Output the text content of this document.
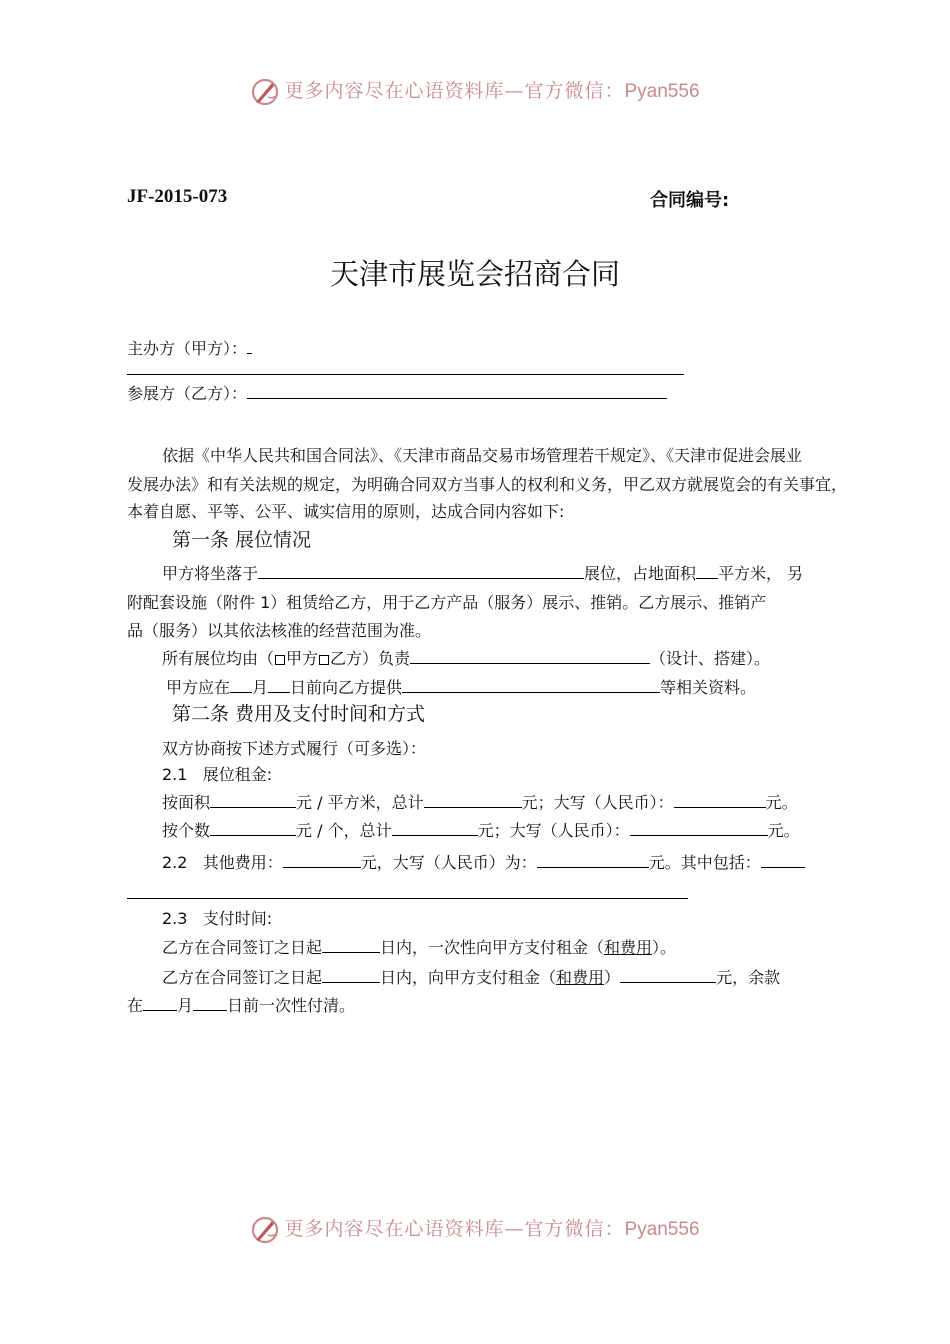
更多内容尽在心语资料库—官方微信：Pyan556
JF-2015-073	合同编号:
天津市展览会招商合同
主办方（甲方）：
参展方（乙方）：
依据《中华人民共和国合同法》、《天津市商品交易市场管理若干规定》、《天津市促进会展业
发展办法》和有关法规的规定，为明确合同双方当事人的权利和义务，甲乙双方就展览会的有关事宜，
本着自愿、平等、公平、诚实信用的原则，达成合同内容如下:
第一条 展位情况
甲方将坐落于	展位，占地面积 平方米， 另
附配套设施（附件 1）租赁给乙方，用于乙方产品（服务）展示、推销。乙方展示、推销产
品（服务）以其依法核准的经营范围为准。
所有展位均由（ 甲方 乙方）负责	（设计、搭建）。
甲方应在 月 日前向乙方提供	等相关资料。
第二条 费用及支付时间和方式
双方协商按下述方式履行（可多选）：
2.1 展位租金:
按面积	元 / 平方米，总计	元；大写（人民币）：	元。
按个数	元 / 个，总计	元；大写（人民币）：	元。
2.2 其他费用：	元，大写（人民币）为：	元。其中包括：
2.3 支付时间:
乙方在合同签订之日起	日内，一次性向甲方支付租金（和费用）。
乙方在合同签订之日起	日内，向甲方支付租金（和费用）	元，余款
在 月 日前一次性付清。
更多内容尽在心语资料库—官方微信：Pyan556
